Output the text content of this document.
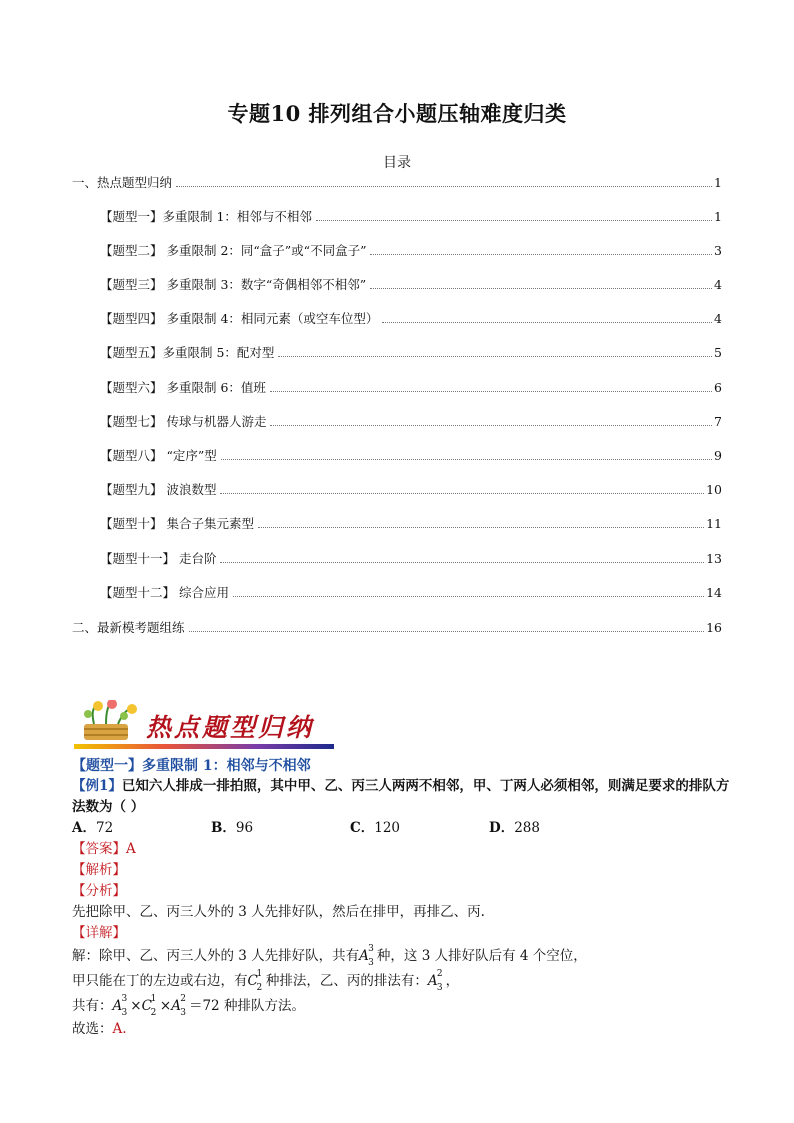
专题10 排列组合小题压轴难度归类
目录
一、热点题型归纳	1
【题型一】多重限制 1：相邻与不相邻	1
【题型二】 多重限制 2：同“盒子”或“不同盒子”	3
【题型三】 多重限制 3：数字“奇偶相邻不相邻”	4
【题型四】 多重限制 4：相同元素（或空车位型）	4
【题型五】多重限制 5：配对型	5
【题型六】 多重限制 6：值班	6
【题型七】 传球与机器人游走	7
【题型八】 “定序”型	9
【题型九】 波浪数型	10
【题型十】 集合子集元素型	11
【题型十一】 走台阶	13
【题型十二】 综合应用	14
二、最新模考题组练	16
热点题型归纳
【题型一】多重限制 1：相邻与不相邻
【例1】已知六人排成一排拍照，其中甲、乙、丙三人两两不相邻，甲、丁两人必须相邻，则满足要求的排队方法数为（ ）
A．72	B．96	C．120	D．288
【答案】A
【解析】
【分析】
先把除甲、乙、丙三人外的 3 人先排好队，然后在排甲，再排乙、丙.
【详解】
解：除甲、乙、丙三人外的 3 人先排好队，共有A 3
3 种，这 3 人排好队后有 4 个空位，
甲只能在丁的左边或右边，有C
1
2 种排法，乙、丙的排法有：A 2
3 ，
共有：A 3
3 ×C
1
2 ×A 2
3 ＝72 种排队方法。
故选：A.
